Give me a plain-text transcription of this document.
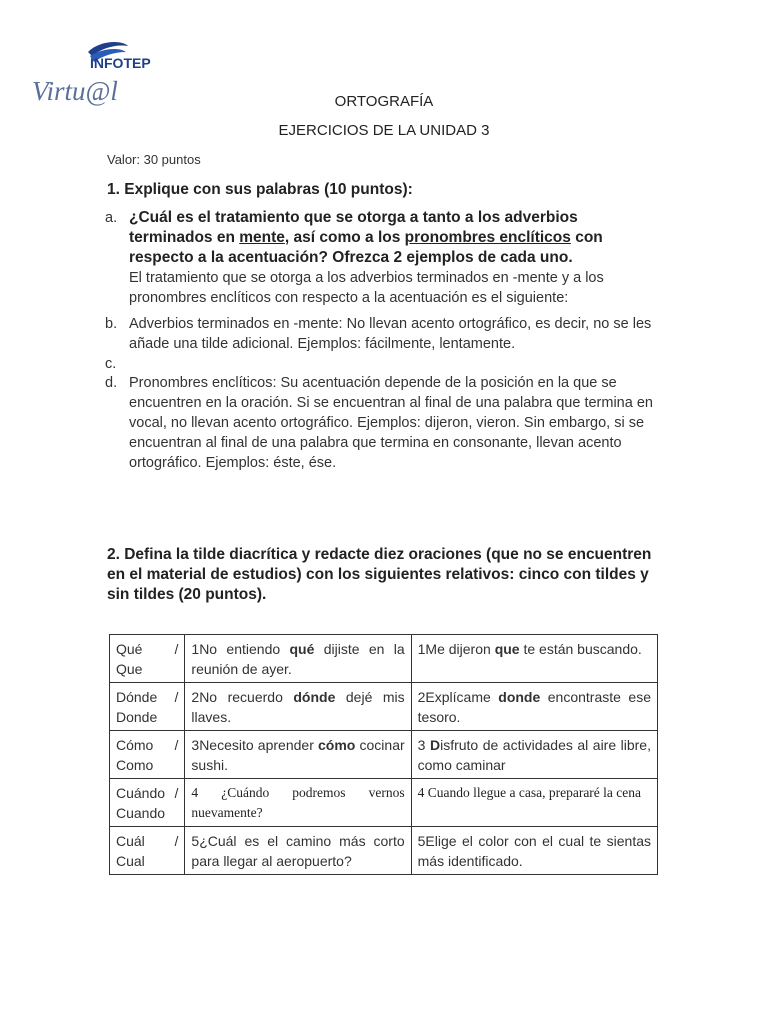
INFOTEP
Virtu@l	ORTOGRAFÍA
EJERCICIOS DE LA UNIDAD 3
Valor: 30 puntos
1. Explique con sus palabras (10 puntos):
a. ¿Cuál es el tratamiento que se otorga a tanto a los adverbios terminados en mente, así como a los pronombres enclíticos con respecto a la acentuación? Ofrezca 2 ejemplos de cada uno.
El tratamiento que se otorga a los adverbios terminados en -mente y a los pronombres enclíticos con respecto a la acentuación es el siguiente:
b. Adverbios terminados en -mente: No llevan acento ortográfico, es decir, no se les añade una tilde adicional. Ejemplos: fácilmente, lentamente.
c.
d. Pronombres enclíticos: Su acentuación depende de la posición en la que se encuentren en la oración. Si se encuentran al final de una palabra que termina en vocal, no llevan acento ortográfico. Ejemplos: dijeron, vieron. Sin embargo, si se encuentran al final de una palabra que termina en consonante, llevan acento ortográfico. Ejemplos: éste, ése.
2. Defina la tilde diacrítica y redacte diez oraciones (que no se encuentren en el material de estudios) con los siguientes relativos: cinco con tildes y sin tildes (20 puntos).
Qué / Que	1No entiendo qué dijiste en la reunión de ayer.	1Me dijeron que te están buscando.
Dónde / Donde	2No recuerdo dónde dejé mis llaves.	2Explícame donde encontraste ese tesoro.
Cómo / Como	3Necesito aprender cómo cocinar sushi.	3 Disfruto de actividades al aire libre, como caminar
Cuándo / Cuando	4 ¿Cuándo podremos vernos nuevamente?	4 Cuando llegue a casa, prepararé la cena
Cuál / Cual	5¿Cuál es el camino más corto para llegar al aeropuerto?	5Elige el color con el cual te sientas más identificado.
